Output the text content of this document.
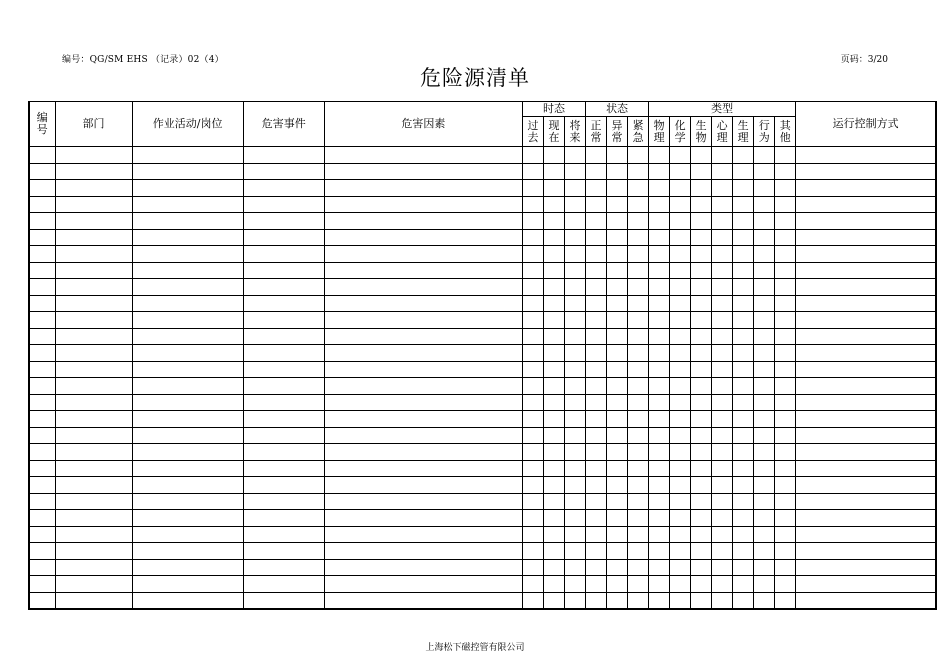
编号：QG/SM EHS （记录）02（4）	页码：3/20
危险源清单
编号	部门	作业活动/岗位	危害事件	危害因素	时态			状态			类型							运行控制方式
					过去	现在	将来	正常	异常	紧急	物理	化学	生物	心理	生理	行为	其他	

上海松下磁控管有限公司
